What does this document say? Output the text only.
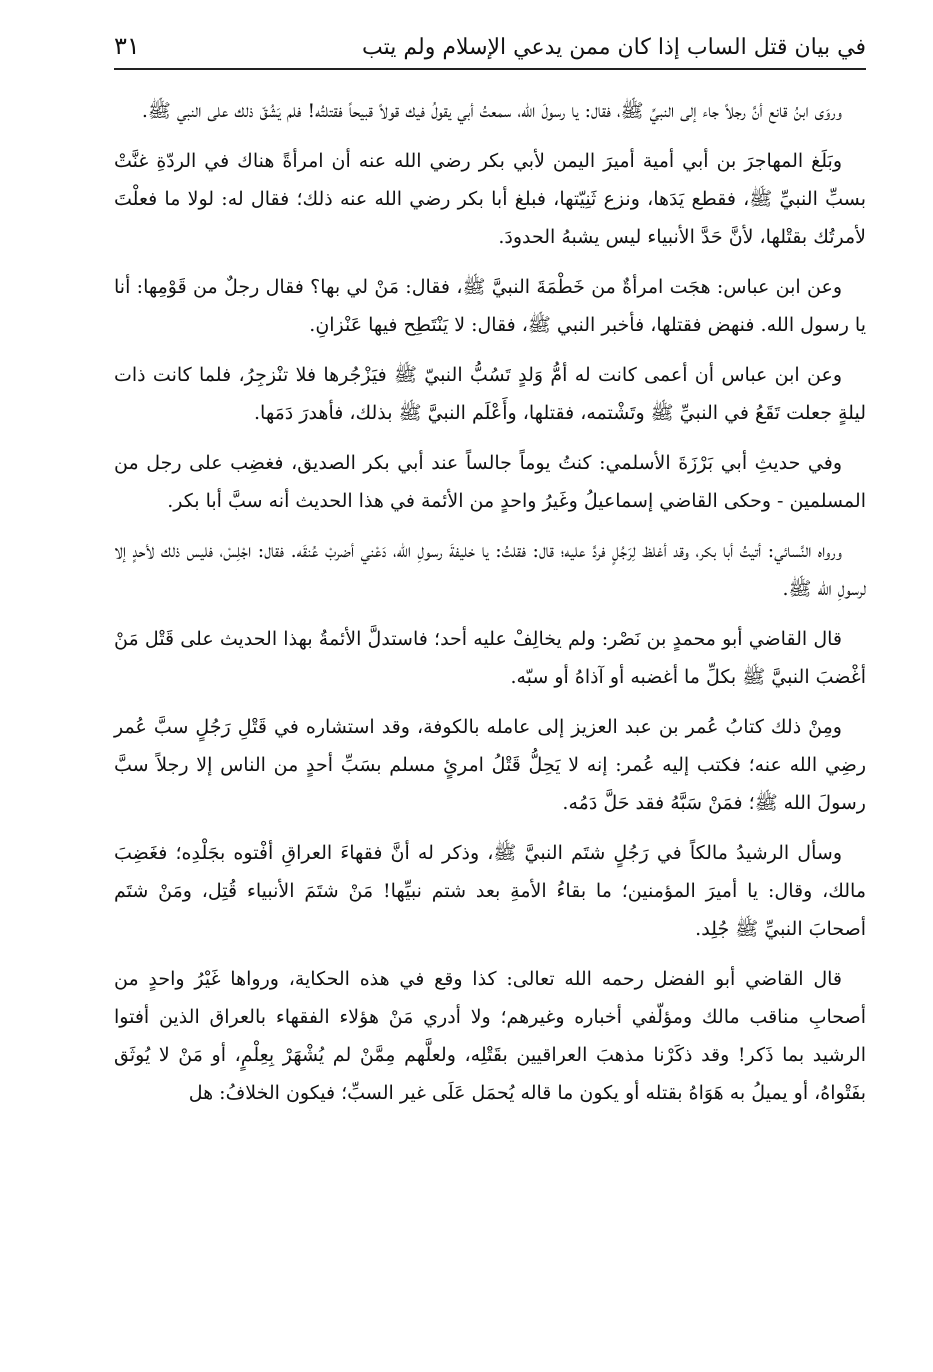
في بيان قتل الساب إذا كان ممن يدعي الإسلام ولم يتب
٣١

وروَى ابنُ قانع أنَّ رجلاً جاء إلى النبيِّ ﷺ، فقال: يا رسولَ الله، سمعتُ أبي يقولُ فيك قولاً قبيحاً فقتلتُه! فلم يَشُقّ ذلك على النبي ﷺ.

وبَلَغ المهاجرَ بن أبي أمية أميرَ اليمن لأبي بكر رضي الله عنه أن امرأةً هناك في الردّةِ غنَّتْ بسبِّ النبيِّ ﷺ، فقطع يَدَها، ونزع ثَنِيّتها، فبلغ أبا بكر رضي الله عنه ذلك؛ فقال له: لولا ما فعلْتَ لأمرتُك بقتْلها، لأنَّ حَدَّ الأنبياء ليس يشبهُ الحدودَ.

وعن ابن عباس: هجَت امرأةٌ من خَطْمَةَ النبيَّ ﷺ، فقال: مَنْ لي بها؟ فقال رجلٌ من قَوْمِها: أنا يا رسول الله. فنهض فقتلها، فأخبر النبي ﷺ، فقال: لا يَنْتَطِح فيها عَنْزانِ.

وعن ابن عباس أن أعمى كانت له أمُّ وَلدٍ تَسُبُّ النبيّ ﷺ فيَزْجُرها فلا تنْزجِرُ، فلما كانت ذات ليلةٍ جعلت تَقَعُ في النبيِّ ﷺ وتَشْتمه، فقتلها، وأَعْلَم النبيَّ ﷺ بذلك، فأهدرَ دَمَها.

وفي حديثِ أبي بَرْزَةَ الأسلمي: كنتُ يوماً جالساً عند أبي بكر الصديق، فغضِب على رجل من المسلمين - وحكى القاضي إسماعيلُ وغَيرُ واحدٍ من الأئمة في هذا الحديث أنه سبَّ أبا بكر.

ورواه النَّسائي: أتيتُ أبا بكر، وقد أغلظ لِرَجُلٍ فردَّ عليه؛ قال: فقلتُ: يا خليفةَ رسولِ الله، دَعْني أضربْ عُنقَه. فقال: اجْلِسْ، فليس ذلك لأحدٍ إلا لرسولِ الله ﷺ.

قال القاضي أبو محمدٍ بن نَصْر: ولم يخالِفْ عليه أحد؛ فاستدلَّ الأئمةُ بهذا الحديث على قَتْل مَنْ أغْضبَ النبيَّ ﷺ بكلِّ ما أغضبه أو آذاهُ أو سبّه.

ومِنْ ذلك كتابُ عُمر بن عبد العزيز إلى عامله بالكوفة، وقد استشاره في قَتْلِ رَجُلٍ سبَّ عُمر رضِي الله عنه؛ فكتب إليه عُمر: إنه لا يَحِلُّ قَتْلُ امرئٍ مسلم بسَبِّ أحدٍ من الناس إلا رجلاً سبَّ رسولَ الله ﷺ؛ فمَنْ سَبَّهُ فقد حَلَّ دَمُه.

وسأل الرشيدُ مالكاً في رَجُلٍ شتَم النبيَّ ﷺ، وذكر له أنَّ فقهاءَ العراقِ أفْتوه بجَلْدِه؛ فغَضِبَ مالك، وقال: يا أميرَ المؤمنين؛ ما بقاءُ الأمةِ بعد شتم نبيِّها! مَنْ شتَمَ الأنبياء قُتِل، ومَنْ شتَم أصحابَ النبيِّ ﷺ جُلِد.

قال القاضي أبو الفضل رحمه الله تعالى: كذا وقع في هذه الحكاية، ورواها غَيْرُ واحدٍ من أصحابِ مناقب مالك ومؤلّفي أخباره وغيرهم؛ ولا أدري مَنْ هؤلاء الفقهاء بالعراق الذين أفتوا الرشيد بما ذَكر! وقد ذكَرْنا مذهبَ العراقيين بقَتْلِه، ولعلَّهم مِمَّنْ لم يُشْهَرْ بِعِلْمٍ، أو مَنْ لا يُوثَق بفَتْواهُ، أو يميلُ به هَوَاهُ بقتله أو يكون ما قاله يُحمَل عَلَى غير السبِّ؛ فيكون الخلافُ: هل
